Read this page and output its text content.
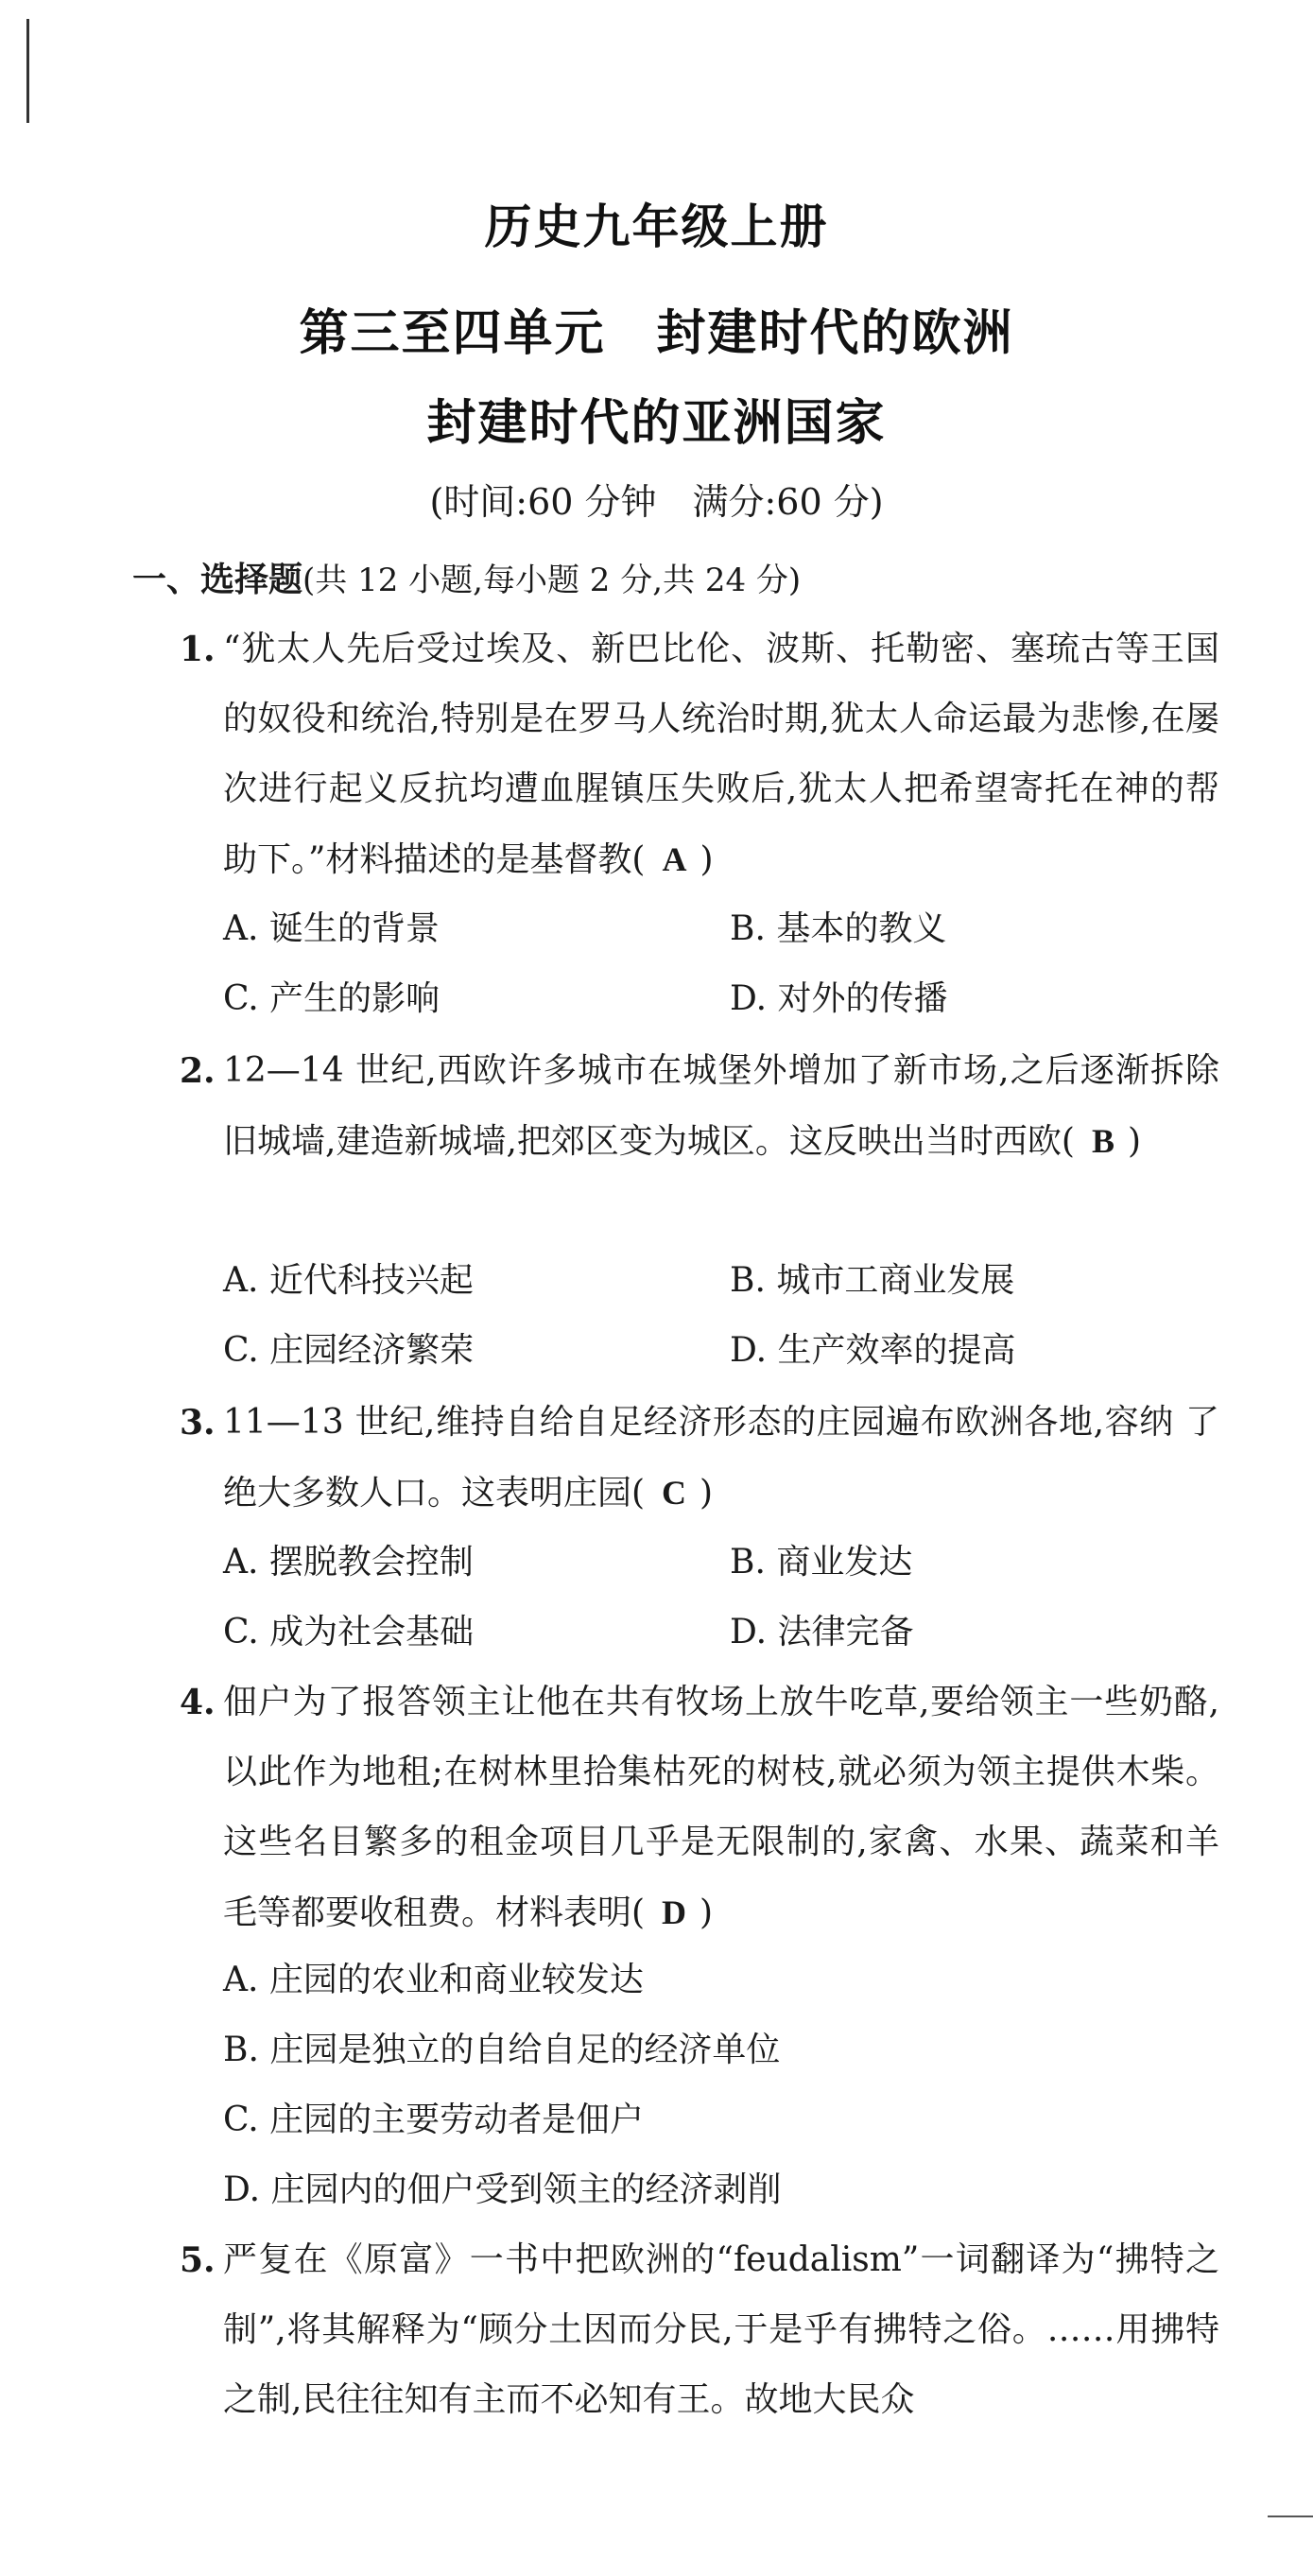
历史九年级上册
第三至四单元　封建时代的欧洲
封建时代的亚洲国家
(时间:60 分钟　满分:60 分)
一、选择题(共 12 小题,每小题 2 分,共 24 分)
1. “犹太人先后受过埃及、新巴比伦、波斯、托勒密、塞琉古等王国的奴役和统治,特别是在罗马人统治时期,犹太人命运最为悲惨,在屡次进行起义反抗均遭血腥镇压失败后,犹太人把希望寄托在神的帮助下。”材料描述的是基督教( A )
A. 诞生的背景	B. 基本的教义
C. 产生的影响	D. 对外的传播
2. 12—14 世纪,西欧许多城市在城堡外增加了新市场,之后逐渐拆除旧城墙,建造新城墙,把郊区变为城区。这反映出当时西欧( B )
A. 近代科技兴起	B. 城市工商业发展
C. 庄园经济繁荣	D. 生产效率的提高
3. 11—13 世纪,维持自给自足经济形态的庄园遍布欧洲各地,容纳 了绝大多数人口。这表明庄园( C )
A. 摆脱教会控制	B. 商业发达
C. 成为社会基础	D. 法律完备
4. 佃户为了报答领主让他在共有牧场上放牛吃草,要给领主一些奶酪,以此作为地租;在树林里拾集枯死的树枝,就必须为领主提供木柴。这些名目繁多的租金项目几乎是无限制的,家禽、水果、蔬菜和羊毛等都要收租费。材料表明( D )
A. 庄园的农业和商业较发达
B. 庄园是独立的自给自足的经济单位
C. 庄园的主要劳动者是佃户
D. 庄园内的佃户受到领主的经济剥削
5. 严复在《原富》一书中把欧洲的“feudalism”一词翻译为“拂特之制”,将其解释为“顾分土因而分民,于是乎有拂特之俗。……用拂特之制,民往往知有主而不必知有王。故地大民众
